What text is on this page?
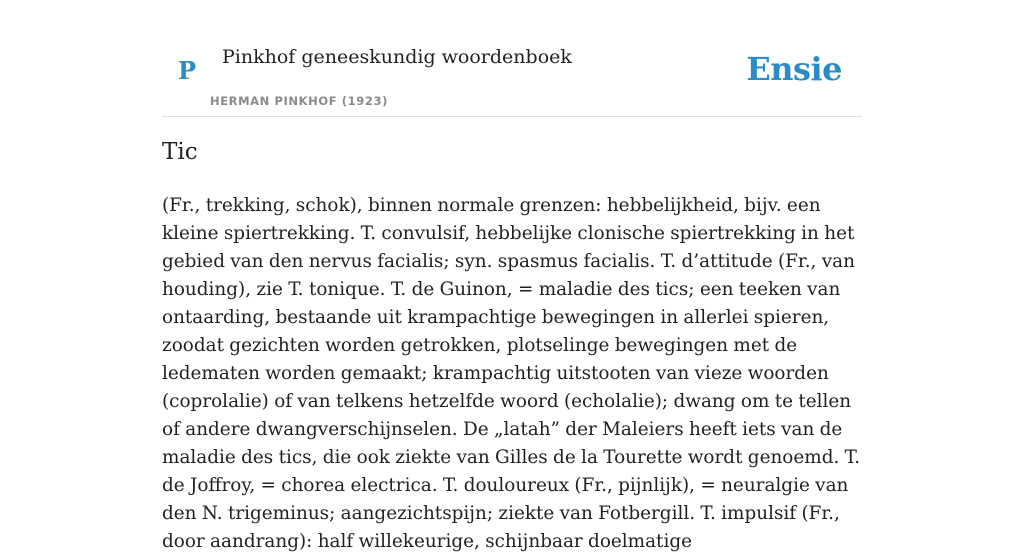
P Pinkhof geneeskundig woordenboek
HERMAN PINKHOF (1923)
Ensie
Tic

(Fr., trekking, schok), binnen normale grenzen: hebbelijkheid, bijv. een kleine spiertrekking. T. convulsif, hebbelijke clonische spiertrekking in het gebied van den nervus facialis; syn. spasmus facialis. T. d’attitude (Fr., van houding), zie T. tonique. T. de Guinon, = maladie des tics; een teeken van ontaarding, bestaande uit krampachtige bewegingen in allerlei spieren, zoodat gezichten worden getrokken, plotselinge bewegingen met de ledematen worden gemaakt; krampachtig uitstooten van vieze woorden (coprolalie) of van telkens hetzelfde woord (echolalie); dwang om te tellen of andere dwangverschijnselen. De „latah” der Maleiers heeft iets van de maladie des tics, die ook ziekte van Gilles de la Tourette wordt genoemd. T. de Joffroy, = chorea electrica. T. douloureux (Fr., pijnlijk), = neuralgie van den N. trigeminus; aangezichtspijn; ziekte van Fotbergill. T. impulsif (Fr., door aandrang): half willekeurige, schijnbaar doelmatige
